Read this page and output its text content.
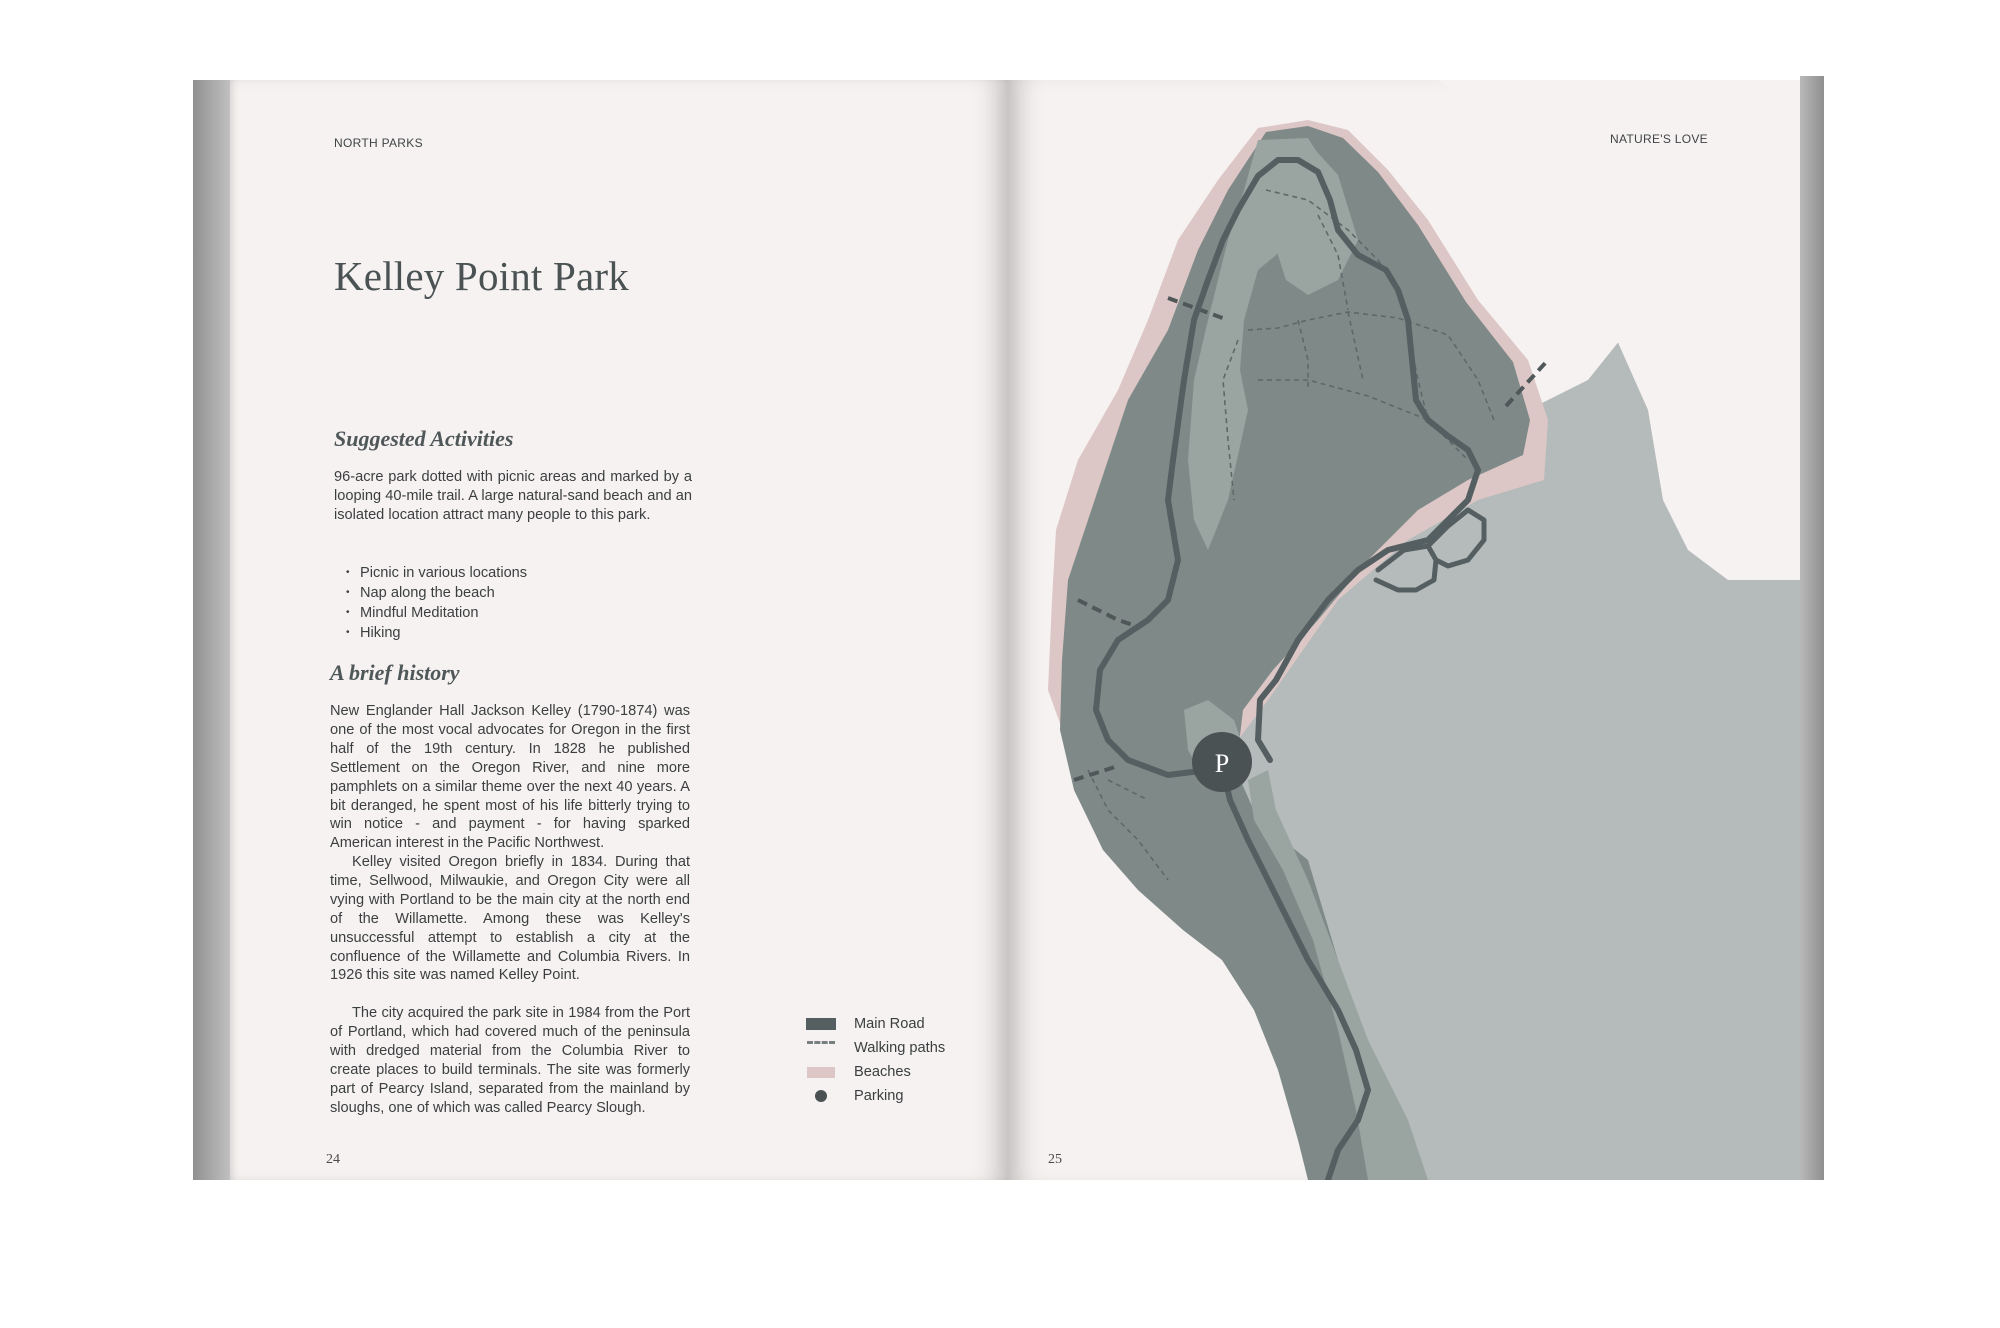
NORTH PARKS
Kelley Point Park
Suggested Activities

96-acre park dotted with picnic areas and marked by a looping 40-mile trail. A large natural-sand beach and an isolated location attract many people to this park.

• Picnic in various locations
• Nap along the beach
• Mindful Meditation
• Hiking
A brief history

New Englander Hall Jackson Kelley (1790-1874) was one of the most vocal advocates for Oregon in the first half of the 19th century. In 1828 he published Settlement on the Oregon River, and nine more pamphlets on a similar theme over the next 40 years. A bit deranged, he spent most of his life bitterly trying to win notice - and payment - for having sparked American interest in the Pacific Northwest.

Kelley visited Oregon briefly in 1834. During that time, Sellwood, Milwaukie, and Oregon City were all vying with Portland to be the main city at the north end of the Willamette. Among these was Kelley's unsuccessful attempt to establish a city at the confluence of the Willamette and Columbia Rivers. In 1926 this site was named Kelley Point.

The city acquired the park site in 1984 from the Port of Portland, which had covered much of the peninsula with dredged material from the Columbia River to create places to build terminals. The site was formerly part of Pearcy Island, separated from the mainland by sloughs, one of which was called Pearcy Slough.

Main Road
Walking paths
Beaches
Parking
24
P
NATURE'S LOVE
25
